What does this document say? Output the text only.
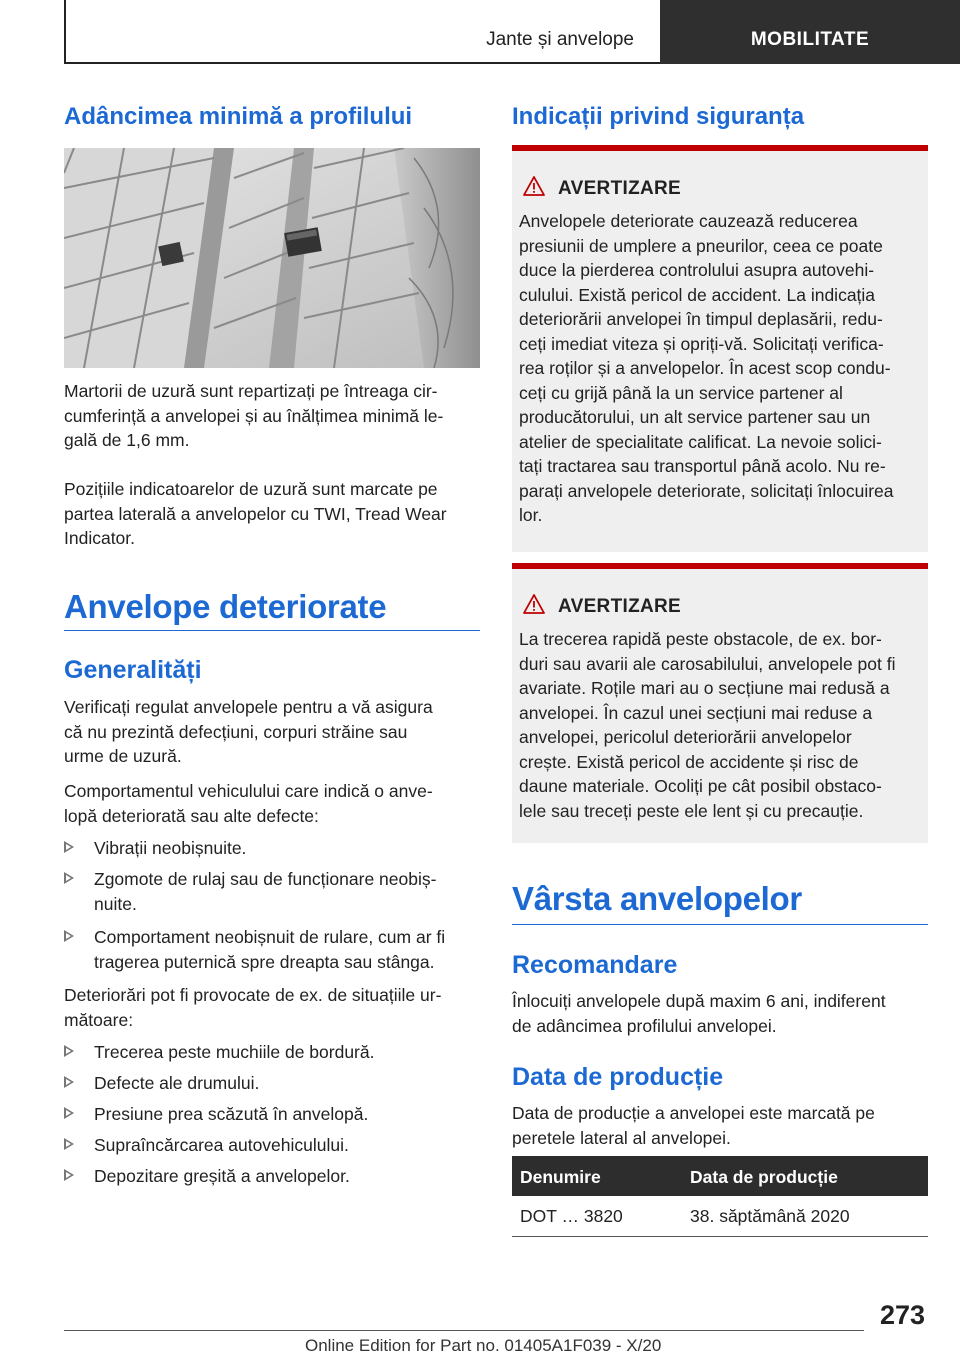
Jante și anvelope	MOBILITATE
Adâncimea minimă a profilului

Martorii de uzură sunt repartizați pe întreaga cir-

cumferință a anvelopei și au înălțimea minimă le-

gală de 1,6 mm.

Pozițiile indicatoarelor de uzură sunt marcate pe

partea laterală a anvelopelor cu TWI, Tread Wear

Indicator.

Anvelope deteriorate
Generalități

Verificați regulat anvelopele pentru a vă asigura

că nu prezintă defecțiuni, corpuri străine sau

urme de uzură.

Comportamentul vehiculului care indică o anve-

lopă deteriorată sau alte defecte:

Vibrații neobișnuite.
Zgomote de rulaj sau de funcționare neobiș-
nuite.
Comportament neobișnuit de rulare, cum ar fi
tragerea puternică spre dreapta sau stânga.

Deteriorări pot fi provocate de ex. de situațiile ur-

mătoare:

Trecerea peste muchiile de bordură.
Defecte ale drumului.
Presiune prea scăzută în anvelopă.
Supraîncărcarea autovehiculului.
Depozitare greșită a anvelopelor.
Indicații privind siguranța
AVERTIZARE
Anvelopele deteriorate cauzează reducerea
presiunii de umplere a pneurilor, ceea ce poate
duce la pierderea controlului asupra autovehi-
culului. Există pericol de accident. La indicația
deteriorării anvelopei în timpul deplasării, redu-
ceți imediat viteza și opriți-vă. Solicitați verifica-
rea roților și a anvelopelor. În acest scop condu-
ceți cu grijă până la un service partener al
producătorului, un alt service partener sau un
atelier de specialitate calificat. La nevoie solici-
tați tractarea sau transportul până acolo. Nu re-
parați anvelopele deteriorate, solicitați înlocuirea
lor.
AVERTIZARE
La trecerea rapidă peste obstacole, de ex. bor-
duri sau avarii ale carosabilului, anvelopele pot fi
avariate. Roțile mari au o secțiune mai redusă a
anvelopei. În cazul unei secțiuni mai reduse a
anvelopei, pericolul deteriorării anvelopelor
crește. Există pericol de accidente și risc de
daune materiale. Ocoliți pe cât posibil obstaco-
lele sau treceți peste ele lent și cu precauție.
Vârsta anvelopelor
Recomandare

Înlocuiți anvelopele după maxim 6 ani, indiferent

de adâncimea profilului anvelopei.

Data de producție

Data de producție a anvelopei este marcată pe

peretele lateral al anvelopei.

Denumire	Data de producție
DOT … 3820	38. săptămână 2020
273
Online Edition for Part no. 01405A1F039 - X/20
